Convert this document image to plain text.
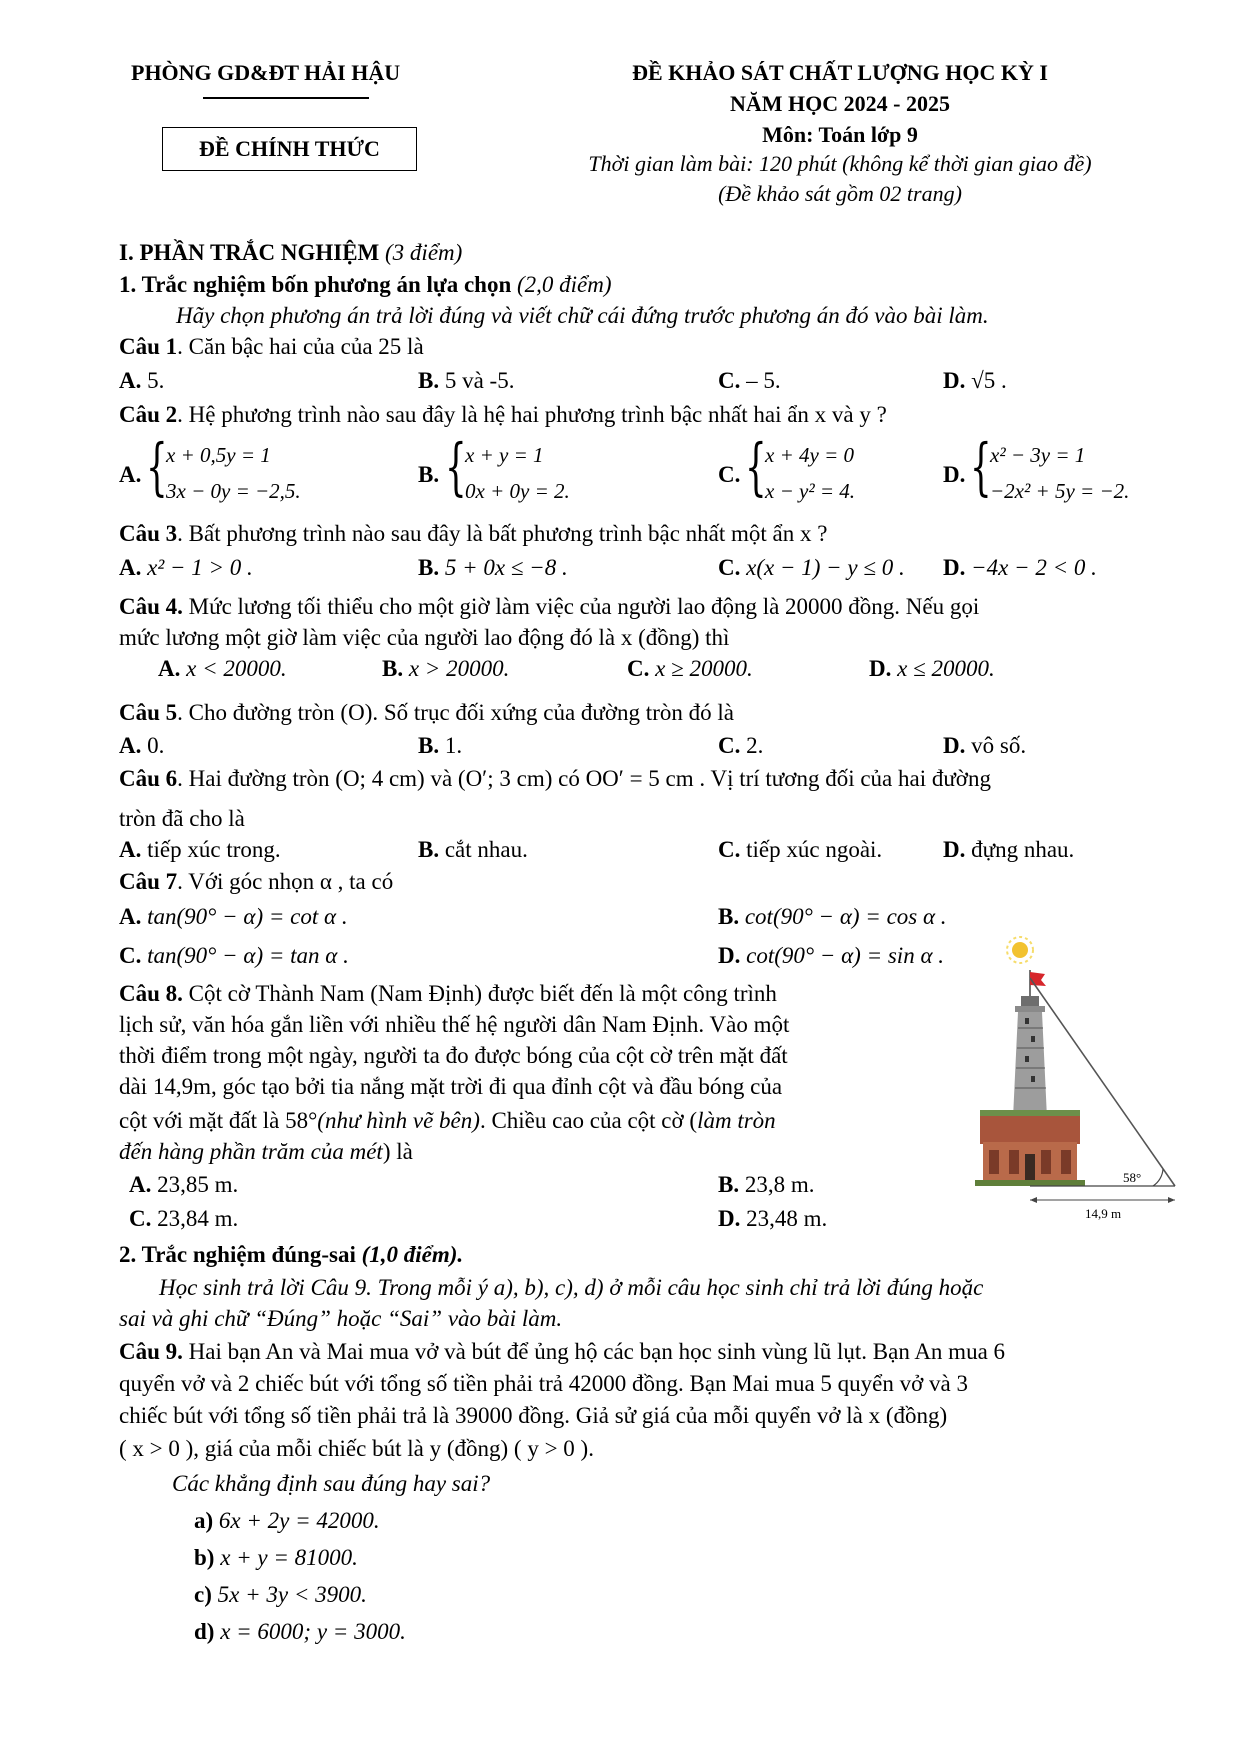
PHÒNG GD&ĐT HẢI HẬU
ĐỀ CHÍNH THỨC
ĐỀ KHẢO SÁT CHẤT LƯỢNG HỌC KỲ I
NĂM HỌC 2024 - 2025
Môn: Toán lớp 9
Thời gian làm bài: 120 phút (không kể thời gian giao đề)
(Đề khảo sát gồm 02 trang)
I. PHẦN TRẮC NGHIỆM (3 điểm)
1. Trắc nghiệm bốn phương án lựa chọn (2,0 điểm)
Hãy chọn phương án trả lời đúng và viết chữ cái đứng trước phương án đó vào bài làm.
Câu 1. Căn bậc hai của của 25 là
A. 5.	B. 5 và -5.	C. – 5.	D. √5 .
Câu 2. Hệ phương trình nào sau đây là hệ hai phương trình bậc nhất hai ẩn x và y ?
A. {
x + 0,5y = 1
3x − 0y = −2,5.
B. {
x + y = 1
0x + 0y = 2.
C. {
x + 4y = 0
x − y² = 4.
D. {
x² − 3y = 1
−2x² + 5y = −2.
Câu 3. Bất phương trình nào sau đây là bất phương trình bậc nhất một ẩn x ?
A. x² − 1 > 0 .	B. 5 + 0x ≤ −8 .	C. x(x − 1) − y ≤ 0 . D. −4x − 2 < 0 .
Câu 4. Mức lương tối thiểu cho một giờ làm việc của người lao động là 20000 đồng. Nếu gọi
mức lương một giờ làm việc của người lao động đó là x (đồng) thì
A. x < 20000.	B. x > 20000.	C. x ≥ 20000.	D. x ≤ 20000.
Câu 5. Cho đường tròn (O). Số trục đối xứng của đường tròn đó là
A. 0.	B. 1.	C. 2.	D. vô số.
Câu 6. Hai đường tròn (O; 4 cm) và (O′; 3 cm) có OO′ = 5 cm . Vị trí tương đối của hai đường
tròn đã cho là
A. tiếp xúc trong.	B. cắt nhau.	C. tiếp xúc ngoài.	D. đựng nhau.
Câu 7. Với góc nhọn α , ta có
A. tan(90° − α) = cot α .	B. cot(90° − α) = cos α .
C. tan(90° − α) = tan α .	D. cot(90° − α) = sin α .
Câu 8. Cột cờ Thành Nam (Nam Định) được biết đến là một công trình
lịch sử, văn hóa gắn liền với nhiều thế hệ người dân Nam Định. Vào một
thời điểm trong một ngày, người ta đo được bóng của cột cờ trên mặt đất
dài 14,9m, góc tạo bởi tia nắng mặt trời đi qua đỉnh cột và đầu bóng của
cột với mặt đất là 58°(như hình vẽ bên). Chiều cao của cột cờ (làm tròn
đến hàng phần trăm của mét) là
A. 23,85 m.	B. 23,8 m.
C. 23,84 m.	D. 23,48 m.
58°
14,9 m
2. Trắc nghiệm đúng-sai (1,0 điểm).
Học sinh trả lời Câu 9. Trong mỗi ý a), b), c), d) ở mỗi câu học sinh chỉ trả lời đúng hoặc
sai và ghi chữ “Đúng” hoặc “Sai” vào bài làm.
Câu 9. Hai bạn An và Mai mua vở và bút để ủng hộ các bạn học sinh vùng lũ lụt. Bạn An mua 6
quyển vở và 2 chiếc bút với tổng số tiền phải trả 42000 đồng. Bạn Mai mua 5 quyển vở và 3
chiếc bút với tổng số tiền phải trả là 39000 đồng. Giả sử giá của mỗi quyển vở là x (đồng)
( x > 0 ), giá của mỗi chiếc bút là y (đồng) ( y > 0 ).
Các khẳng định sau đúng hay sai?
a) 6x + 2y = 42000.
b) x + y = 81000.
c) 5x + 3y < 3900.
d) x = 6000; y = 3000.
